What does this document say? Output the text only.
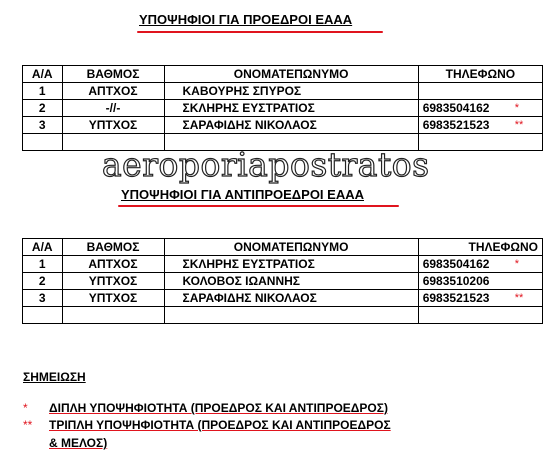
ΥΠΟΨΗΦΙΟΙ ΓΙΑ ΠΡΟΕΔΡΟΙ ΕΑΑΑ
Α/Α	ΒΑΘΜΟΣ	ΟΝΟΜΑΤΕΠΩΝΥΜΟ	ΤΗΛΕΦΩΝΟ
1	ΑΠΤΧΟΣ	ΚΑΒΟΥΡΗΣ ΣΠΥΡΟΣ	
2	-//-	ΣΚΛΗΡΗΣ ΕΥΣΤΡΑΤΙΟΣ	6983504162 *
3	ΥΠΤΧΟΣ	ΣΑΡΑΦΙΔΗΣ ΝΙΚΟΛΑΟΣ	6983521523 **

aeroporiapostratos
ΥΠΟΨΗΦΙΟΙ ΓΙΑ ΑΝΤΙΠΡΟΕΔΡΟΙ ΕΑΑΑ
Α/Α	ΒΑΘΜΟΣ	ΟΝΟΜΑΤΕΠΩΝΥΜΟ	ΤΗΛΕΦΩΝΟ
1	ΑΠΤΧΟΣ	ΣΚΛΗΡΗΣ ΕΥΣΤΡΑΤΙΟΣ	6983504162 *
2	ΥΠΤΧΟΣ	ΚΟΛΟΒΟΣ ΙΩΑΝΝΗΣ	6983510206
3	ΥΠΤΧΟΣ	ΣΑΡΑΦΙΔΗΣ ΝΙΚΟΛΑΟΣ	6983521523 **

ΣΗΜΕΙΩΣΗ
* ΔΙΠΛΗ ΥΠΟΨΗΦΙΟΤΗΤΑ (ΠΡΟΕΔΡΟΣ ΚΑΙ ΑΝΤΙΠΡΟΕΔΡΟΣ)
** ΤΡΙΠΛΗ ΥΠΟΨΗΦΙΟΤΗΤΑ (ΠΡΟΕΔΡΟΣ ΚΑΙ ΑΝΤΙΠΡΟΕΔΡΟΣ
& ΜΕΛΟΣ)
